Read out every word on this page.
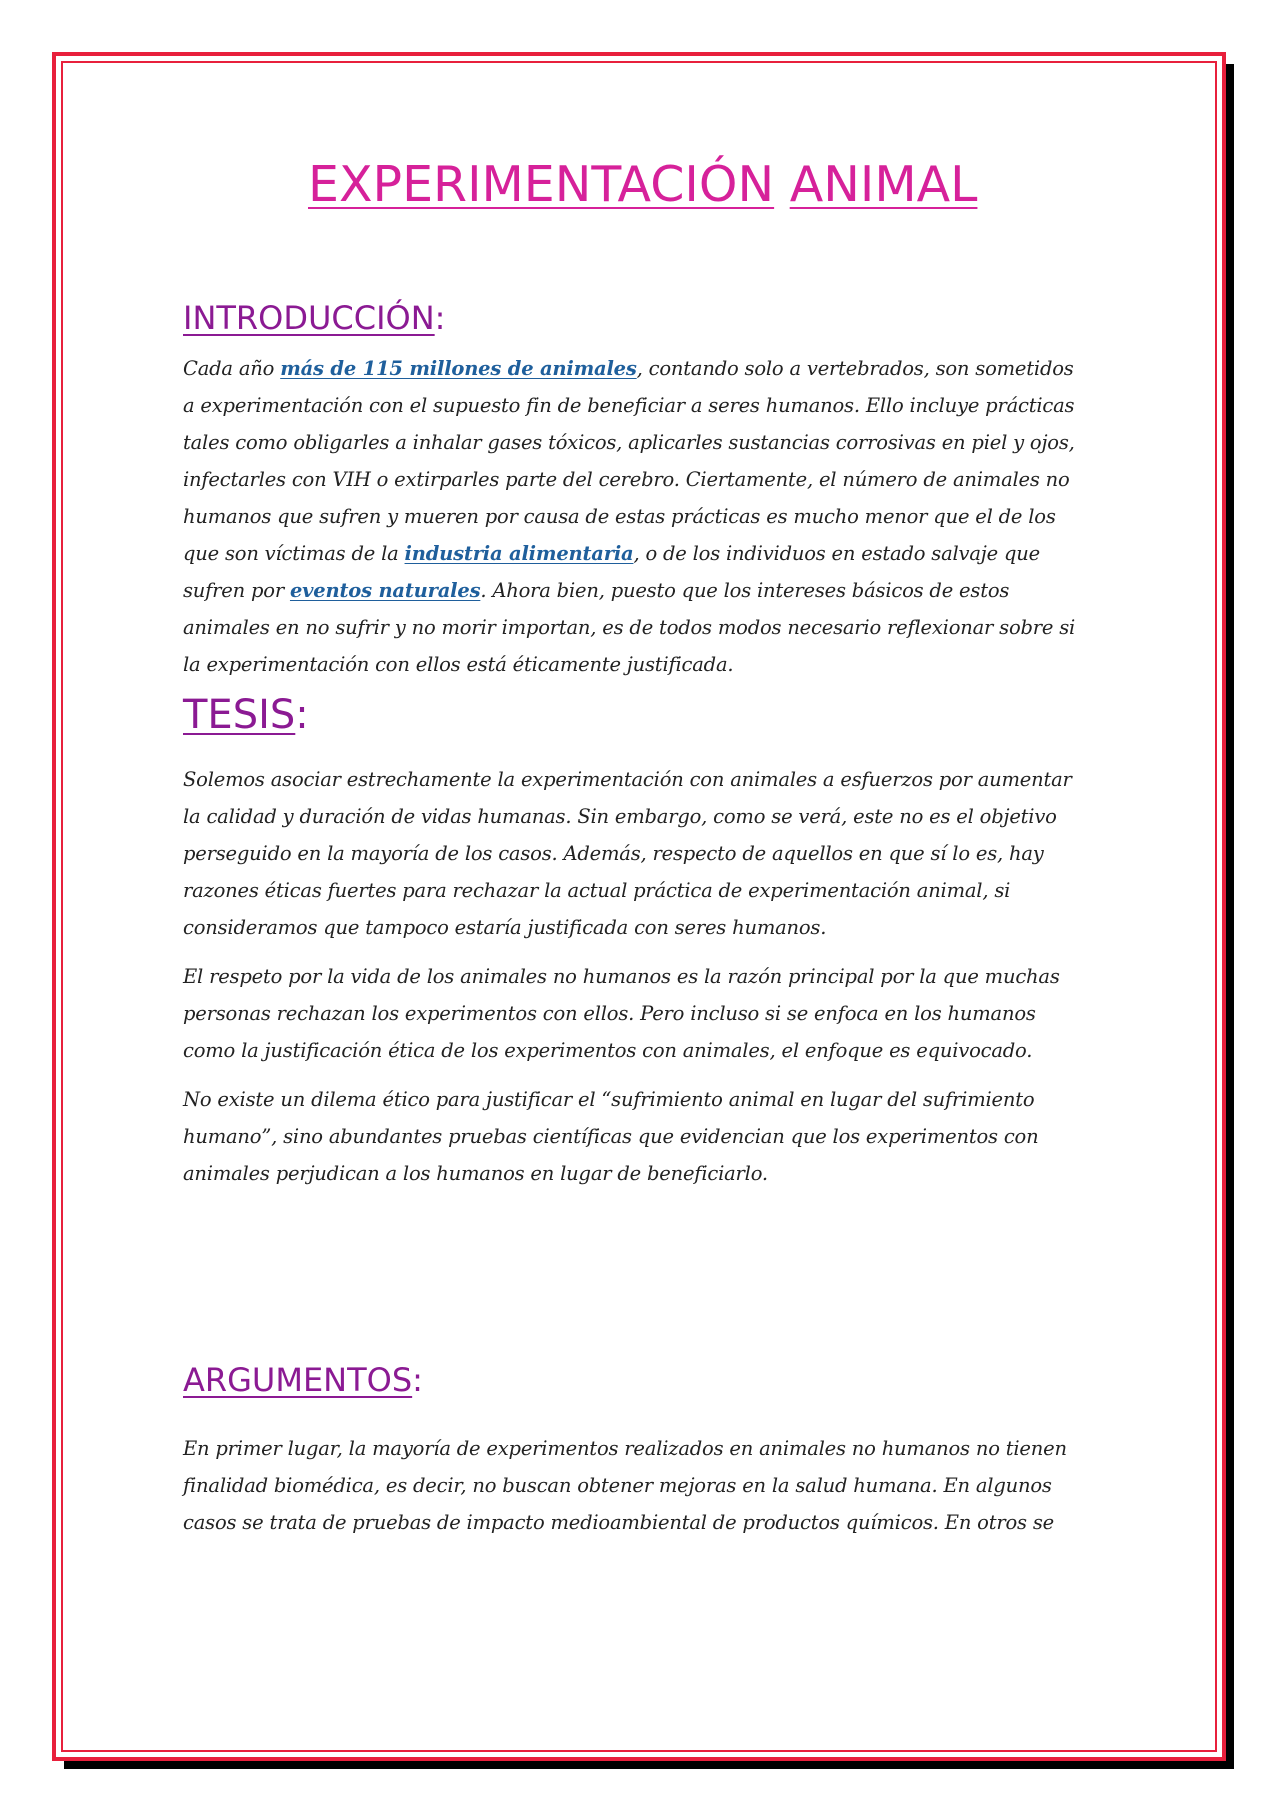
EXPERIMENTACIÓN ANIMAL
INTRODUCCIÓN:

Cada año más de 115 millones de animales, contando solo a vertebrados, son sometidos a experimentación con el supuesto fin de beneficiar a seres humanos. Ello incluye prácticas tales como obligarles a inhalar gases tóxicos, aplicarles sustancias corrosivas en piel y ojos, infectarles con VIH o extirparles parte del cerebro. Ciertamente, el número de animales no humanos que sufren y mueren por causa de estas prácticas es mucho menor que el de los que son víctimas de la industria alimentaria, o de los individuos en estado salvaje que sufren por eventos naturales. Ahora bien, puesto que los intereses básicos de estos animales en no sufrir y no morir importan, es de todos modos necesario reflexionar sobre si la experimentación con ellos está éticamente justificada.

TESIS:

Solemos asociar estrechamente la experimentación con animales a esfuerzos por aumentar la calidad y duración de vidas humanas. Sin embargo, como se verá, este no es el objetivo perseguido en la mayoría de los casos. Además, respecto de aquellos en que sí lo es, hay razones éticas fuertes para rechazar la actual práctica de experimentación animal, si consideramos que tampoco estaría justificada con seres humanos.

El respeto por la vida de los animales no humanos es la razón principal por la que muchas personas rechazan los experimentos con ellos. Pero incluso si se enfoca en los humanos como la justificación ética de los experimentos con animales, el enfoque es equivocado.

No existe un dilema ético para justificar el “sufrimiento animal en lugar del sufrimiento humano”, sino abundantes pruebas científicas que evidencian que los experimentos con animales perjudican a los humanos en lugar de beneficiarlo.

ARGUMENTOS:

En primer lugar, la mayoría de experimentos realizados en animales no humanos no tienen finalidad biomédica, es decir, no buscan obtener mejoras en la salud humana. En algunos casos se trata de pruebas de impacto medioambiental de productos químicos. En otros se
